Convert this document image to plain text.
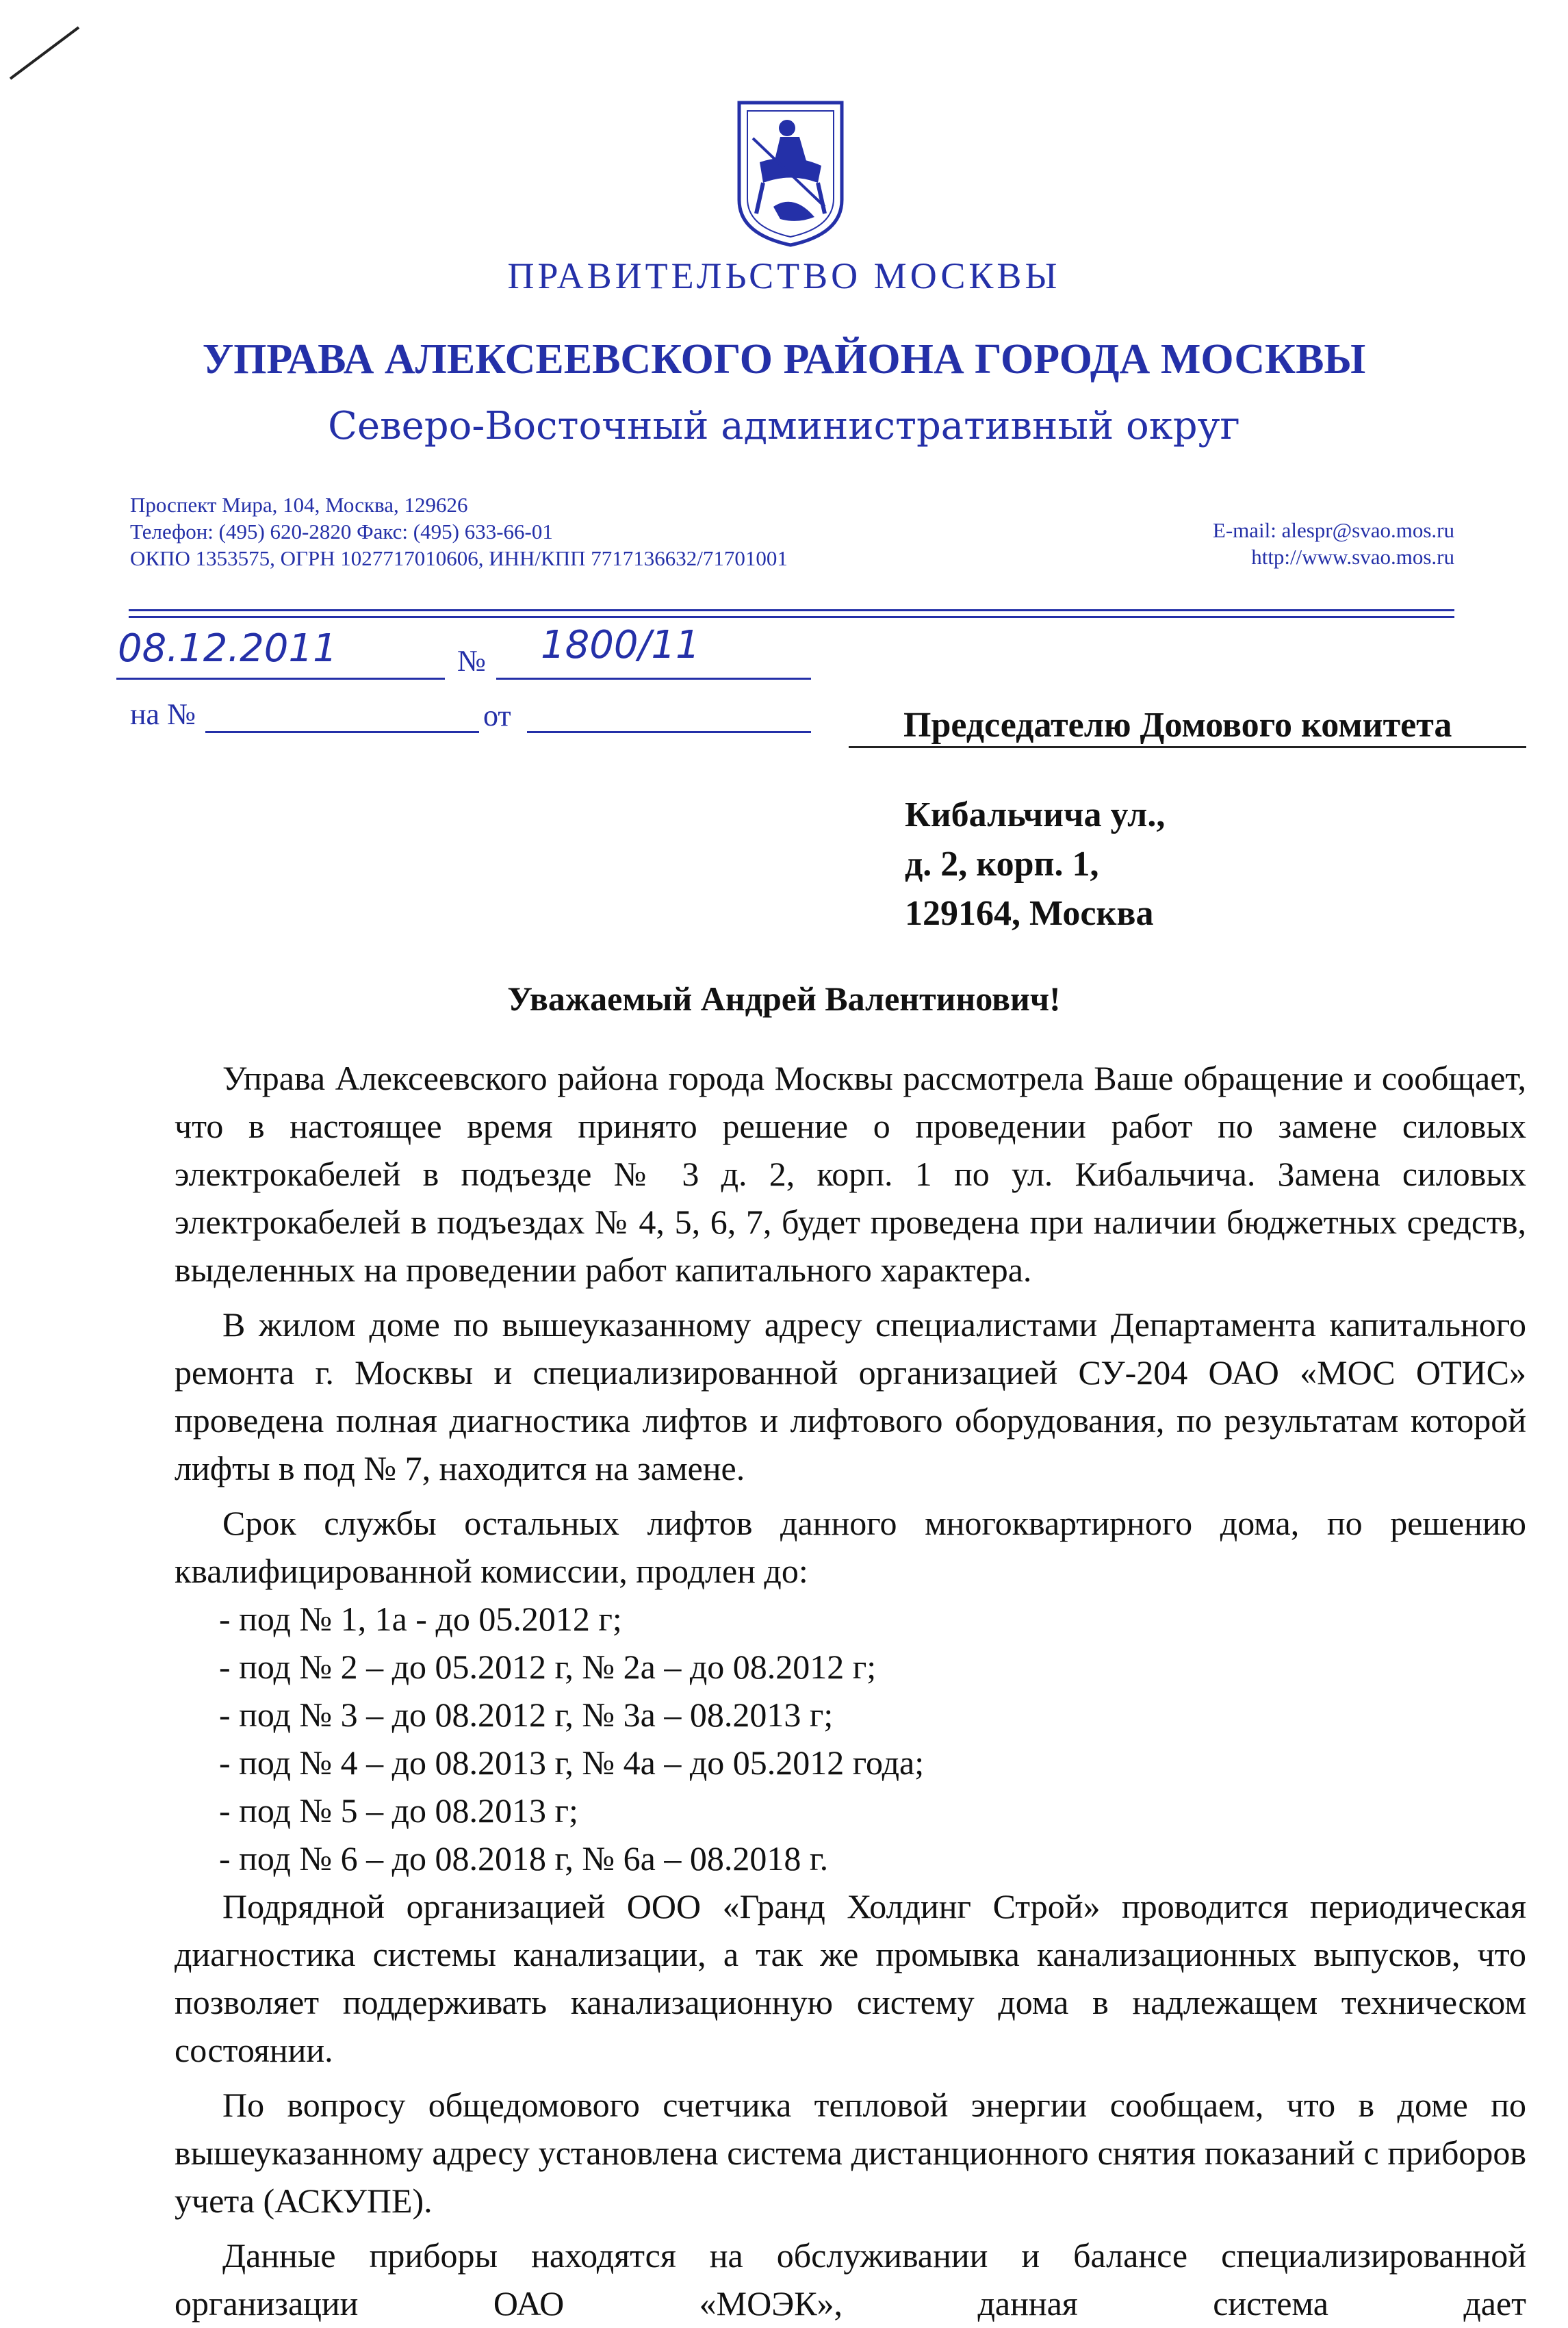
ПРАВИТЕЛЬСТВО МОСКВЫ
УПРАВА АЛЕКСЕЕВСКОГО РАЙОНА ГОРОДА МОСКВЫ
Северо-Восточный административный округ
Проспект Мира, 104, Москва, 129626
Телефон: (495) 620-2820 Факс: (495) 633-66-01
ОКПО 1353575, ОГРН 1027717010606, ИНН/КПП 7717136632/71701001
E-mail: alespr@svao.mos.ru
http://www.svao.mos.ru
08.12.2011	№ 1800/11
на №	от	Председателю Домового комитета
Кибальчича ул.,
д. 2, корп. 1,
129164, Москва
Уважаемый Андрей Валентинович!

Управа Алексеевского района города Москвы рассмотрела Ваше обращение и сообщает, что в настоящее время принято решение о проведении работ по замене силовых электрокабелей в подъезде № 3 д. 2, корп. 1 по ул. Кибальчича. Замена силовых электрокабелей в подъездах № 4, 5, 6, 7, будет проведена при наличии бюджетных средств, выделенных на проведении работ капитального характера.

В жилом доме по вышеуказанному адресу специалистами Департамента капитального ремонта г. Москвы и специализированной организацией СУ-204 ОАО «МОС ОТИС» проведена полная диагностика лифтов и лифтового оборудования, по результатам которой лифты в под № 7, находится на замене.

Срок службы остальных лифтов данного многоквартирного дома, по решению квалифицированной комиссии, продлен до:

- под № 1, 1а - до 05.2012 г;

- под № 2 – до 05.2012 г, № 2а – до 08.2012 г;

- под № 3 – до 08.2012 г, № 3а – 08.2013 г;

- под № 4 – до 08.2013 г, № 4а – до 05.2012 года;

- под № 5 – до 08.2013 г;

- под № 6 – до 08.2018 г, № 6а – 08.2018 г.

Подрядной организацией ООО «Гранд Холдинг Строй» проводится периодическая диагностика системы канализации, а так же промывка канализационных выпусков, что позволяет поддерживать канализационную систему дома в надлежащем техническом состоянии.

По вопросу общедомового счетчика тепловой энергии сообщаем, что в доме по вышеуказанному адресу установлена система дистанционного снятия показаний с приборов учета (АСКУПЕ).

Данные приборы находятся на обслуживании и балансе специализированной организации ОАО «МОЭК», данная система дает
